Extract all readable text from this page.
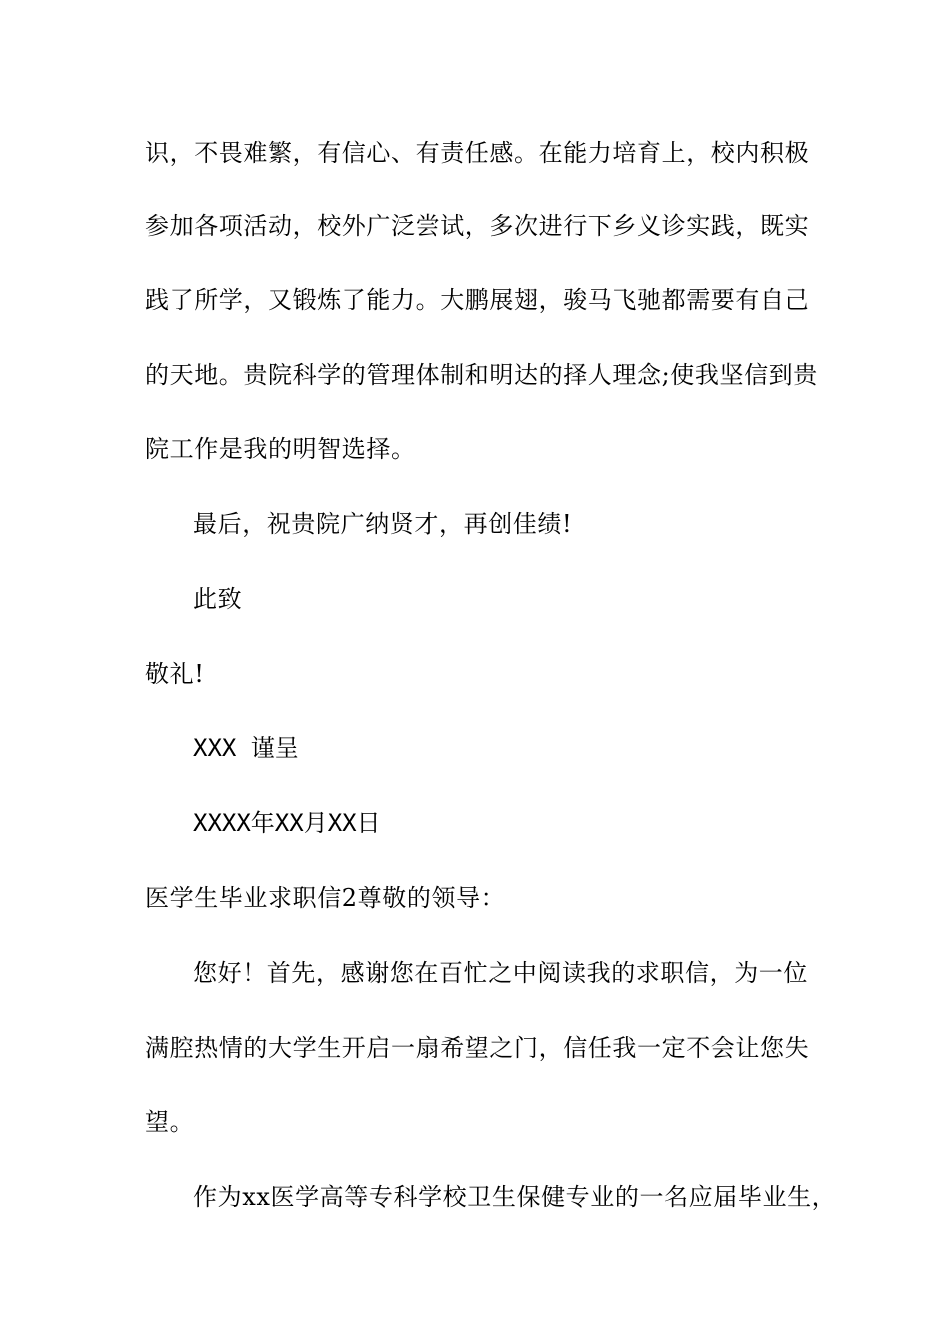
识，不畏难繁，有信心、有责任感。在能力培育上，校内积极
参加各项活动，校外广泛尝试，多次进行下乡义诊实践，既实
践了所学，又锻炼了能力。大鹏展翅，骏马飞驰都需要有自己
的天地。贵院科学的管理体制和明达的择人理念;使我坚信到贵
院工作是我的明智选择。
最后，祝贵院广纳贤才，再创佳绩!
此致
敬礼!
XXX 谨呈
XXXX年XX月XX日
医学生毕业求职信2尊敬的领导：
您好！首先，感谢您在百忙之中阅读我的求职信，为一位
满腔热情的大学生开启一扇希望之门，信任我一定不会让您失
望。
作为xx医学高等专科学校卫生保健专业的一名应届毕业生，
